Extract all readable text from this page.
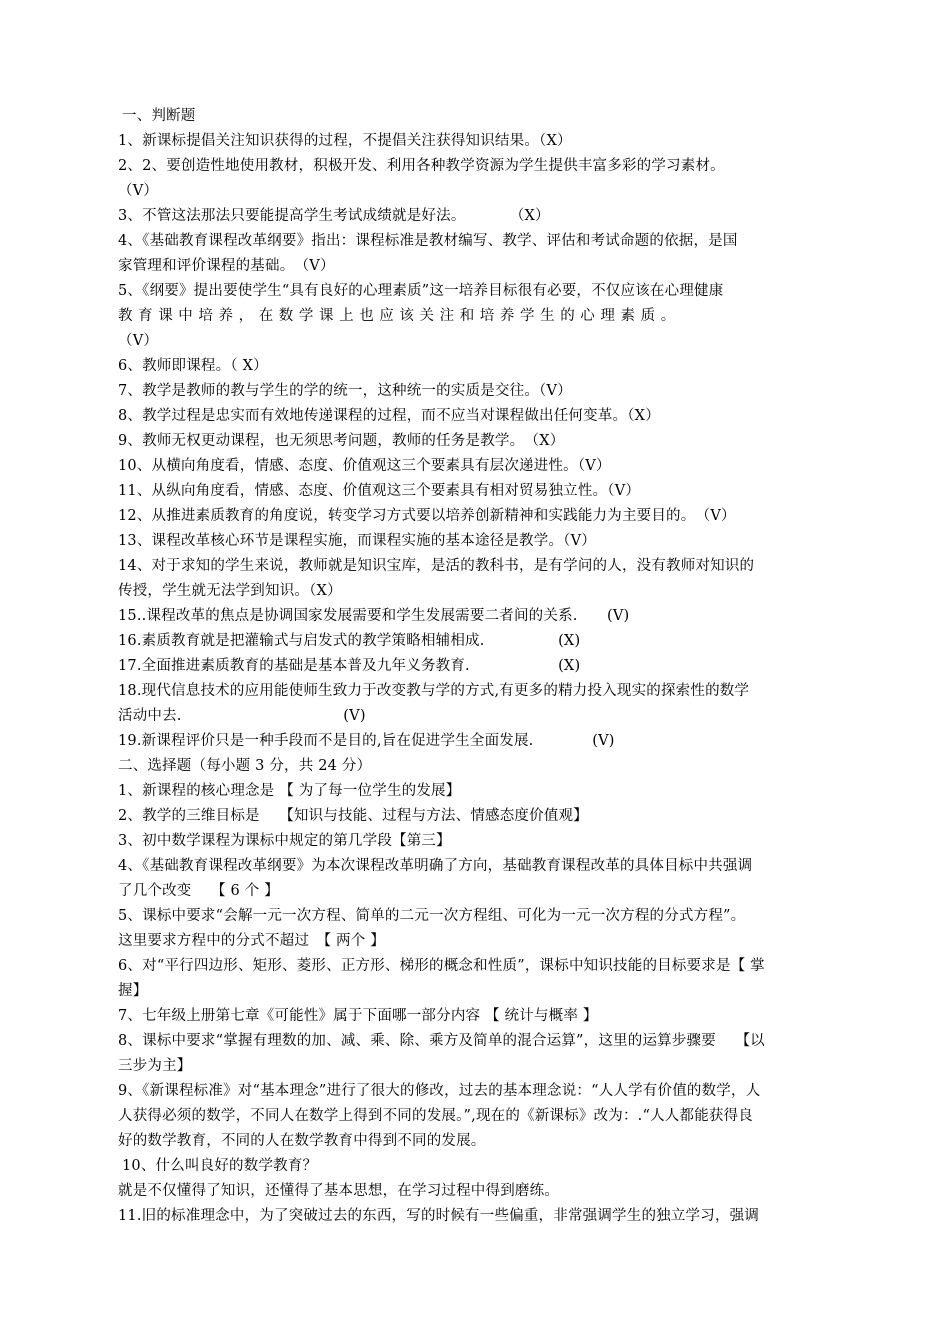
一、判断题
1、新课标提倡关注知识获得的过程，不提倡关注获得知识结果。（X）
2、2、要创造性地使用教材，积极开发、利用各种教学资源为学生提供丰富多彩的学习素材。
（V）
3、不管这法那法只要能提高学生考试成绩就是好法。　　　　（X）
4、《基础教育课程改革纲要》指出：课程标准是教材编写、教学、评估和考试命题的依据，是国
家管理和评价课程的基础。　（V）
5、《纲要》提出要使学生“具有良好的心理素质”这一培养目标很有必要，不仅应该在心理健康
教育课中培养，在数学课上也应该关注和培养学生的心理素质。
（V）
6、教师即课程。（ X）
7、教学是教师的教与学生的学的统一，这种统一的实质是交往。（V）
8、教学过程是忠实而有效地传递课程的过程，而不应当对课程做出任何变革。（X）
9、教师无权更动课程，也无须思考问题，教师的任务是教学。　（X）
10、从横向角度看，情感、态度、价值观这三个要素具有层次递进性。（V）
11、从纵向角度看，情感、态度、价值观这三个要素具有相对贸易独立性。（V）
12、从推进素质教育的角度说，转变学习方式要以培养创新精神和实践能力为主要目的。　（V）
13、课程改革核心环节是课程实施，而课程实施的基本途径是教学。（V）
14、对于求知的学生来说，教师就是知识宝库，是活的教科书，是有学问的人，没有教师对知识的
传授，学生就无法学到知识。（X）
15..课程改革的焦点是协调国家发展需要和学生发展需要二者间的关系.　　(V)
16.素质教育就是把灌输式与启发式的教学策略相辅相成.　　　　　(X)
17.全面推进素质教育的基础是基本普及九年义务教育.　　　　　　(X)
18.现代信息技术的应用能使师生致力于改变教与学的方式,有更多的精力投入现实的探索性的数学
活动中去.　　　　　　　　　　　(V)
19.新课程评价只是一种手段而不是目的,旨在促进学生全面发展.　　　　(V)
二、选择题（每小题 3 分，共 24 分）
1、新课程的核心理念是 【 为了每一位学生的发展】
2、教学的三维目标是　 【知识与技能、过程与方法、情感态度价值观】
3、初中数学课程为课标中规定的第几学段【第三】
4、《基础教育课程改革纲要》为本次课程改革明确了方向，基础教育课程改革的具体目标中共强调
了几个改变　 【 6 个 】
5、课标中要求“会解一元一次方程、简单的二元一次方程组、可化为一元一次方程的分式方程”。
这里要求方程中的分式不超过　【 两个 】
6、对“平行四边形、矩形、菱形、正方形、梯形的概念和性质”，课标中知识技能的目标要求是【 掌
握】
7、七年级上册第七章《可能性》属于下面哪一部分内容 【 统计与概率 】
8、课标中要求“掌握有理数的加、减、乘、除、乘方及简单的混合运算”，这里的运算步骤要　 【以
三步为主】
9、《新课程标准》对“基本理念”进行了很大的修改，过去的基本理念说：“人人学有价值的数学，人
人获得必须的数学，不同人在数学上得到不同的发展。”,现在的《新课标》改为：.“人人都能获得良
好的数学教育，不同的人在数学教育中得到不同的发展。
10、什么叫良好的数学教育？
就是不仅懂得了知识，还懂得了基本思想，在学习过程中得到磨练。
11.旧的标准理念中，为了突破过去的东西，写的时候有一些偏重，非常强调学生的独立学习，强调
